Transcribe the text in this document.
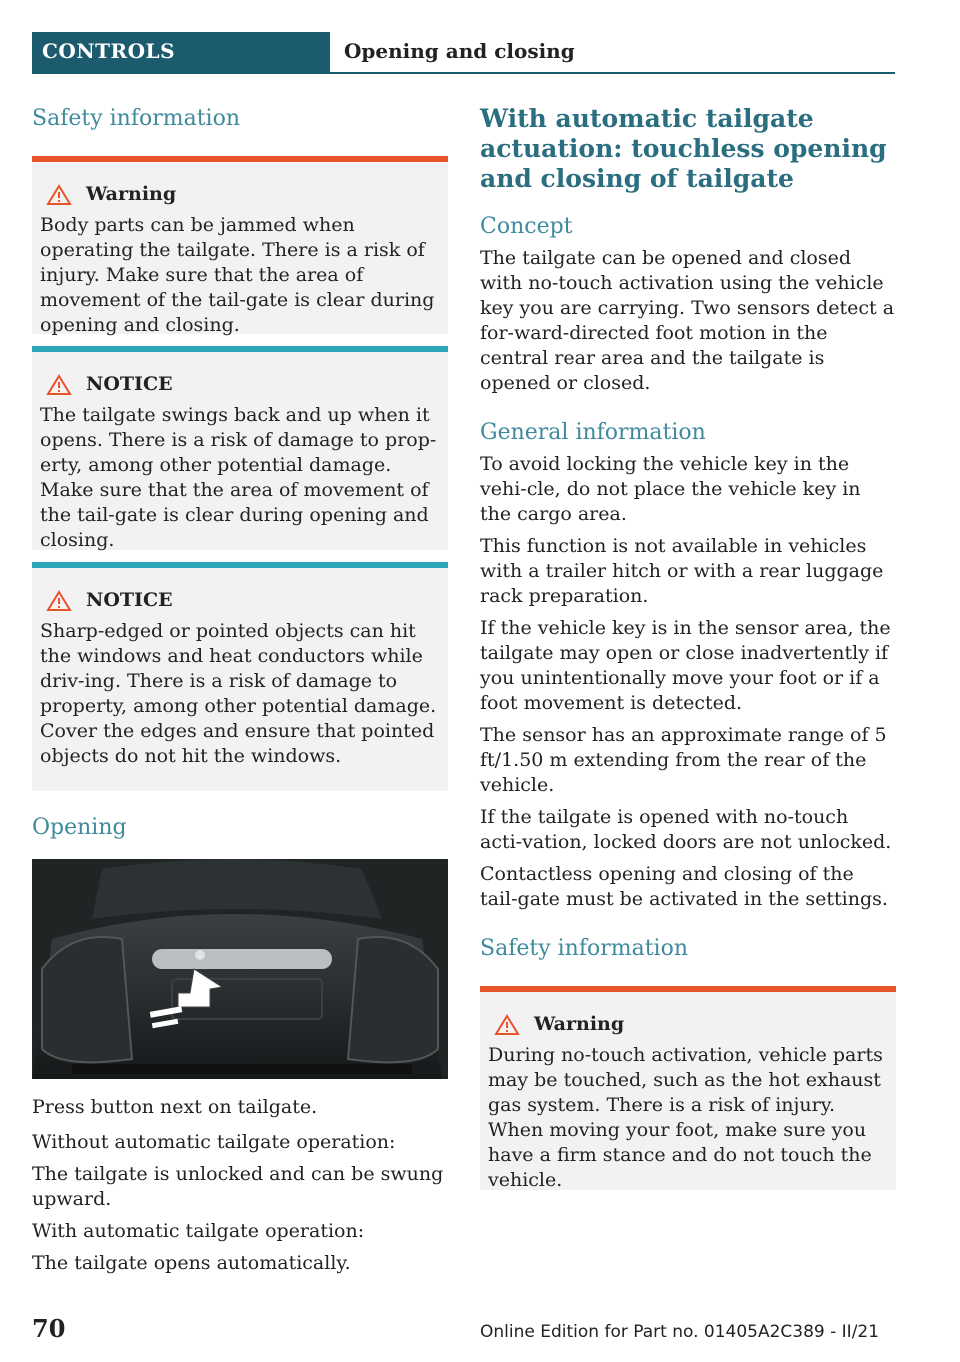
CONTROLS	Opening and closing
Safety information
Warning

Body parts can be jammed when operating the tailgate. There is a risk of injury. Make sure that the area of movement of the tail-gate is clear during opening and closing.

NOTICE

The tailgate swings back and up when it opens. There is a risk of damage to prop-erty, among other potential damage. Make sure that the area of movement of the tail-gate is clear during opening and closing.

NOTICE

Sharp-edged or pointed objects can hit the windows and heat conductors while driv-ing. There is a risk of damage to property, among other potential damage. Cover the edges and ensure that pointed objects do not hit the windows.

Opening

Press button next on tailgate.

Without automatic tailgate operation:

The tailgate is unlocked and can be swung upward.

With automatic tailgate operation:

The tailgate opens automatically.

With automatic tailgate actuation: touchless opening and closing of tailgate
Concept

The tailgate can be opened and closed with no-touch activation using the vehicle key you are carrying. Two sensors detect a for-ward-directed foot motion in the central rear area and the tailgate is opened or closed.

General information

To avoid locking the vehicle key in the vehi-cle, do not place the vehicle key in the cargo area.

This function is not available in vehicles with a trailer hitch or with a rear luggage rack preparation.

If the vehicle key is in the sensor area, the tailgate may open or close inadvertently if you unintentionally move your foot or if a foot movement is detected.

The sensor has an approximate range of 5 ft/1.50 m extending from the rear of the vehicle.

If the tailgate is opened with no-touch acti-vation, locked doors are not unlocked.

Contactless opening and closing of the tail-gate must be activated in the settings.

Safety information
Warning

During no-touch activation, vehicle parts may be touched, such as the hot exhaust gas system. There is a risk of injury. When moving your foot, make sure you have a firm stance and do not touch the vehicle.

70	Online Edition for Part no. 01405A2C389 - II/21
